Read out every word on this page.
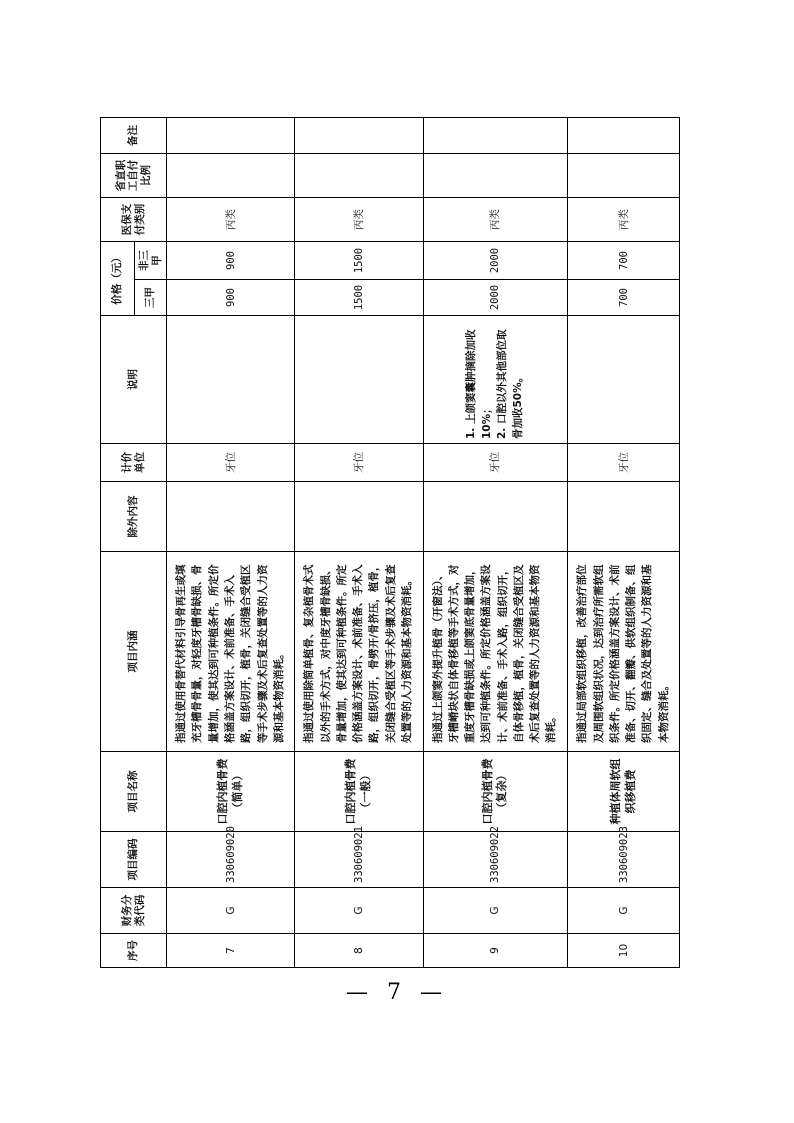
序号	财务分类代码	项目编码	项目名称	项目内涵	除外内容	计价单位	说明	价格（元）		医保支付类别	省直职工自付比例	备注
								三甲	非三甲			
7	G	330609020	口腔内植骨费（简单）	指通过使用骨替代材料引导骨再生或填充牙槽骨骨量，对轻度牙槽骨缺损、骨量增加，使其达到可种植条件。所定价格涵盖方案设计、术前准备、手术入路，组织切开，植骨，关闭缝合受植区等手术步骤及术后复查处置等的人力资源和基本物资消耗。		牙位		900	900	丙类		
8	G	330609021	口腔内植骨费（一般）	指通过使用除简单植骨、复杂植骨术式以外的手术方式，对中度牙槽骨缺损、骨量增加，使其达到可种植条件。所定价格涵盖方案设计、术前准备、手术入路，组织切开，骨劈开/骨挤压，植骨，关闭缝合受植区等手术步骤及术后复查处置等的人力资源和基本物资消耗。		牙位		1500	1500	丙类		
9	G	330609022	口腔内植骨费（复杂）	指通过上颌窦外提升植骨（开窗法）、牙槽嵴块状自体骨移植等手术方式，对重度牙槽骨缺损或上颌窦底骨量增加，达到可种植条件。所定价格涵盖方案设计、术前准备、手术入路，组织切开，自体骨移植，植骨，关闭缝合受植区及术后复查处置等的人力资源和基本物资消耗。		牙位	1. 上颌窦囊肿摘除加收10%； 2. 口腔以外其他部位取骨加收50%。	2000	2000	丙类		
10	G	330609023	种植体周软组织移植费	指通过局部软组织移植，改善治疗部位及周围软组织状况，达到治疗所需软组织条件。所定价格涵盖方案设计、术前准备、切开、翻瓣、供软组织制备、组织固定、缝合及处置等的人力资源和基本物资消耗。		牙位		700	700	丙类		
— 7 —
